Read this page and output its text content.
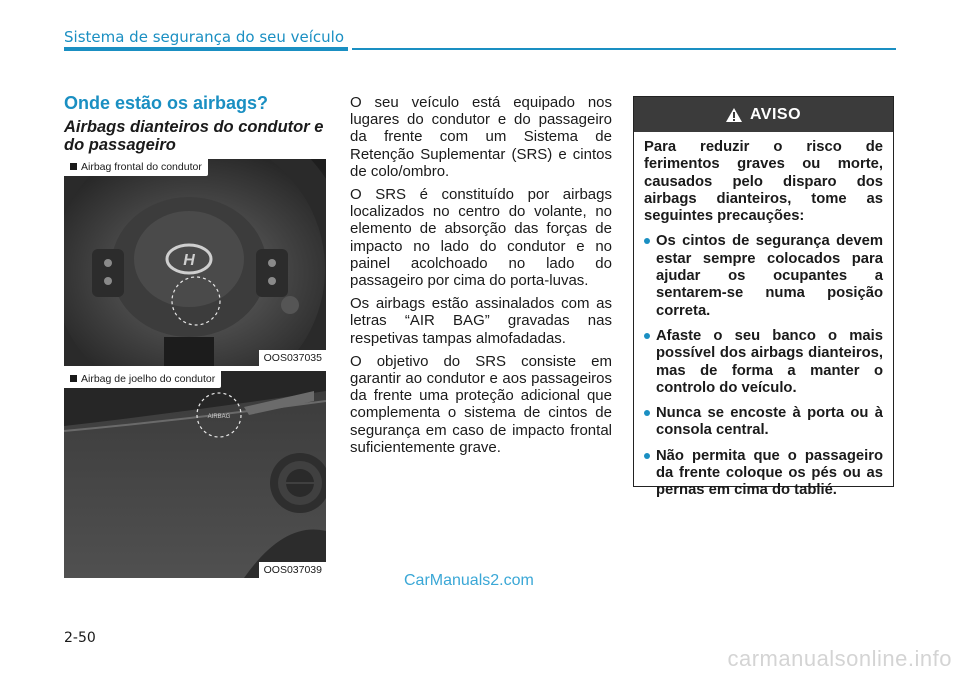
Sistema de segurança do seu veículo
Onde estão os airbags?
Airbags dianteiros do condutor e do passageiro
H
Airbag frontal do condutor
OOS037035
AIRBAG
Airbag de joelho do condutor
OOS037039

O seu veículo está equipado nos lugares do condutor e do passageiro da frente com um Sistema de Retenção Suplementar (SRS) e cintos de colo/ombro.

O SRS é constituído por airbags localizados no centro do volante, no elemento de absorção das forças de impacto no lado do condutor e no painel acolchoado no lado do passageiro por cima do porta-luvas.

Os airbags estão assinalados com as letras “AIR BAG” gravadas nas respetivas tampas almofadadas.

O objetivo do SRS consiste em garantir ao condutor e aos passageiros da frente uma proteção adicional que complementa o sistema de cintos de segurança em caso de impacto frontal suficientemente grave.

AVISO

Para reduzir o risco de ferimentos graves ou morte, causados pelo disparo dos airbags dianteiros, tome as seguintes precauções:

Os cintos de segurança devem estar sempre colocados para ajudar os ocupantes a sentarem-se numa posição correta.
Afaste o seu banco o mais possível dos airbags dianteiros, mas de forma a manter o controlo do veículo.
Nunca se encoste à porta ou à consola central.
Não permita que o passageiro da frente coloque os pés ou as pernas em cima do tablié.
CarManuals2.com
2-50
carmanualsonline.info
